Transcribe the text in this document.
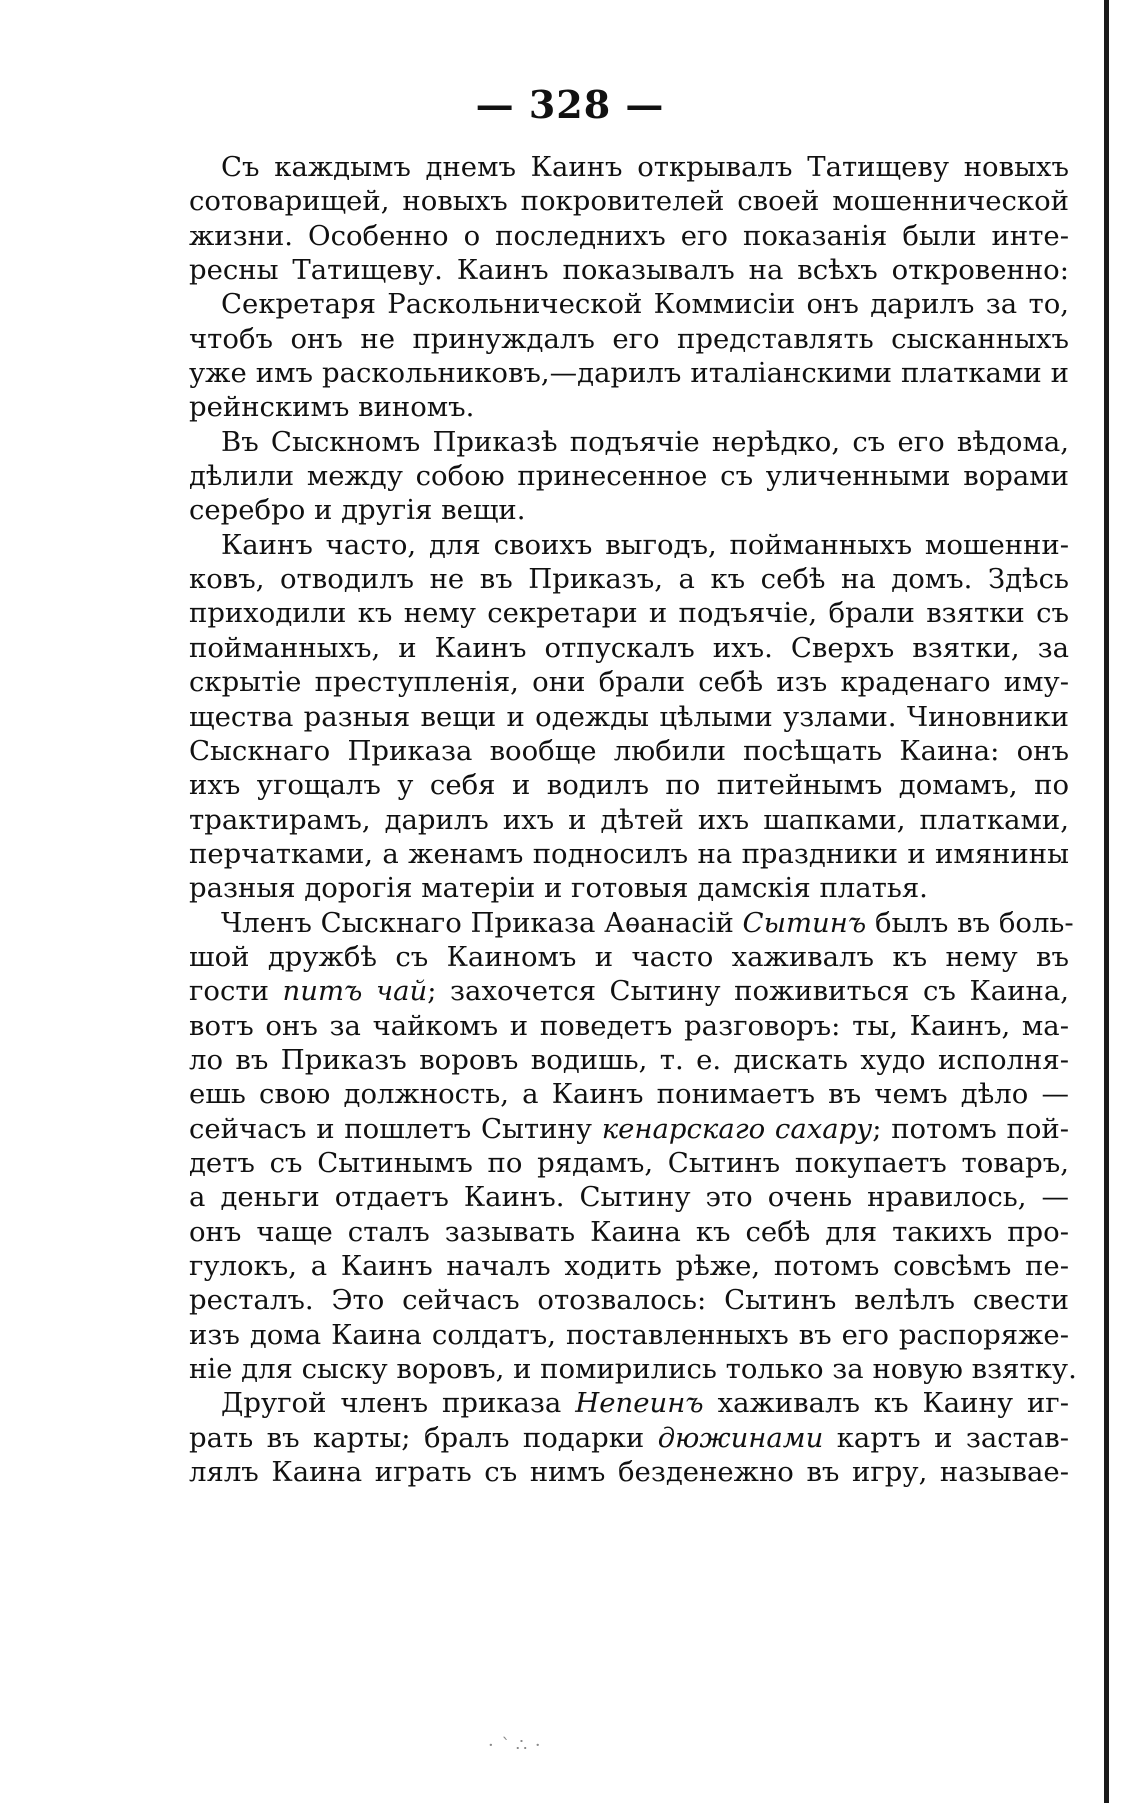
— 328 —
Съ каждымъ днемъ Каинъ открывалъ Татищеву новыхъ
сотоварищей, новыхъ покровителей своей мошеннической
жизни. Особенно о последнихъ его показанія были инте-
ресны Татищеву. Каинъ показывалъ на всѣхъ откровенно:
Секретаря Раскольнической Коммисіи онъ дарилъ за то,
чтобъ онъ не принуждалъ его представлять сысканныхъ
уже имъ раскольниковъ,—дарилъ италіанскими платками и
рейнскимъ виномъ.
Въ Сыскномъ Приказѣ подъячіе нерѣдко, съ его вѣдома,
дѣлили между собою принесенное съ уличенными ворами
серебро и другія вещи.
Каинъ часто, для своихъ выгодъ, пойманныхъ мошенни-
ковъ, отводилъ не въ Приказъ, а къ себѣ на домъ. Здѣсь
приходили къ нему секретари и подъячіе, брали взятки съ
пойманныхъ, и Каинъ отпускалъ ихъ. Сверхъ взятки, за
скрытіе преступленія, они брали себѣ изъ краденаго иму-
щества разныя вещи и одежды цѣлыми узлами. Чиновники
Сыскнаго Приказа вообще любили посѣщать Каина: онъ
ихъ угощалъ у себя и водилъ по питейнымъ домамъ, по
трактирамъ, дарилъ ихъ и дѣтей ихъ шапками, платками,
перчатками, а женамъ подносилъ на праздники и имянины
разныя дорогія матеріи и готовыя дамскія платья.
Членъ Сыскнаго Приказа Аѳанасій Сытинъ былъ въ боль-
шой дружбѣ съ Каиномъ и часто хаживалъ къ нему въ
гости питъ чай; захочется Сытину поживиться съ Каина,
вотъ онъ за чайкомъ и поведетъ разговоръ: ты, Каинъ, ма-
ло въ Приказъ воровъ водишь, т. е. дискать худо исполня-
ешь свою должность, а Каинъ понимаетъ въ чемъ дѣло —
сейчасъ и пошлетъ Сытину кенарскаго сахару; потомъ пой-
детъ съ Сытинымъ по рядамъ, Сытинъ покупаетъ товаръ,
а деньги отдаетъ Каинъ. Сытину это очень нравилось, —
онъ чаще сталъ зазывать Каина къ себѣ для такихъ про-
гулокъ, а Каинъ началъ ходить рѣже, потомъ совсѣмъ пе-
ресталъ. Это сейчасъ отозвалось: Сытинъ велѣлъ свести
изъ дома Каина солдатъ, поставленныхъ въ его распоряже-
ніе для сыску воровъ, и помирились только за новую взятку.
Другой членъ приказа Непеинъ хаживалъ къ Каину иг-
рать въ карты; бралъ подарки дюжинами картъ и застав-
лялъ Каина играть съ нимъ безденежно въ игру, называе-
· ՝ ∴ ·
